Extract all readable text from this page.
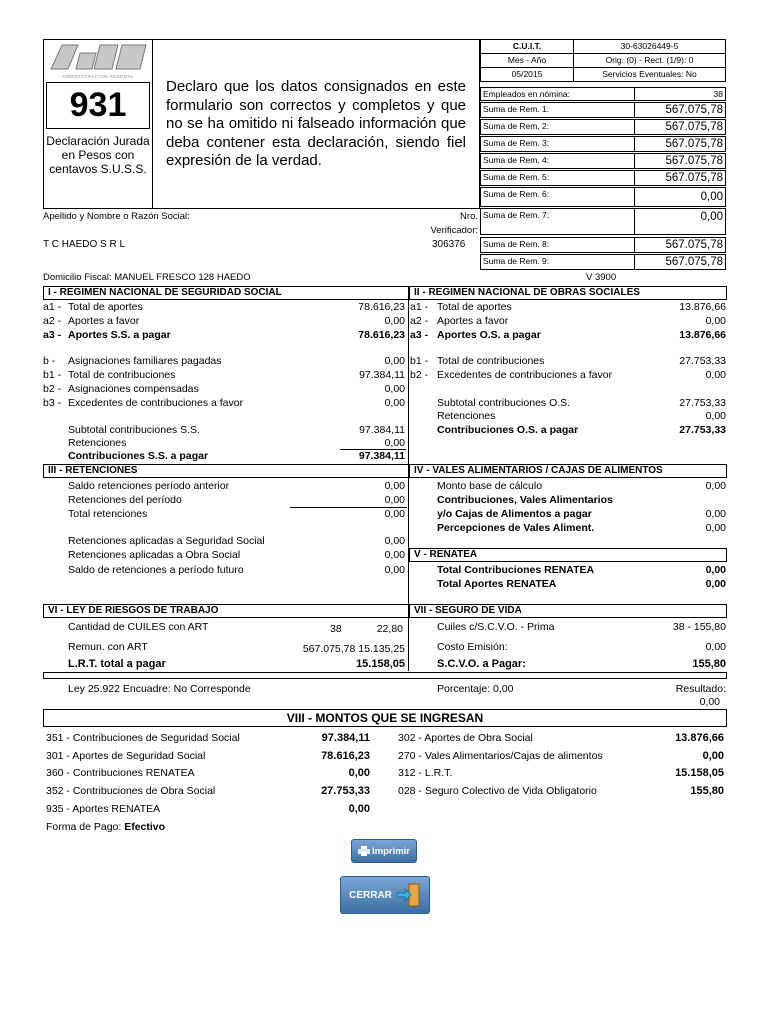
ADMINISTRACION FEDERAL
931
Declaración Jurada en Pesos con centavos S.U.S.S.
Declaro que los datos consignados en este formulario son correctos y completos y que no se ha omitido ni falseado información que deba contener esta declaración, siendo fiel expresión de la verdad.
C.U.I.T.	30-63026449-5
Mes - Año	Orig. (0) - Rect. (1/9): 0
05/2015	Servicios Eventuales: No
Empleados en nómina:	38
Suma de Rem. 1:	567.075,78
Suma de Rem. 2:	567.075,78
Suma de Rem. 3:	567.075,78
Suma de Rem. 4:	567.075,78
Suma de Rem. 5:	567.075,78
Suma de Rem. 6:	0,00
Suma de Rem. 7:	0,00
Suma de Rem. 8:	567.075,78
Suma de Rem. 9:	567.075,78
V 3900
Apellido y Nombre o Razón Social:
T C HAEDO S R L
Nro. Verificador:
306376
Domicilio Fiscal: MANUEL FRESCO 128 HAEDO
I - REGIMEN NACIONAL DE SEGURIDAD SOCIAL
a1 - Total de aportes	78.616,23
a2 - Aportes a favor	0,00
a3 - Aportes S.S. a pagar	78.616,23
b - Asignaciones familiares pagadas	0,00
b1 - Total de contribuciones	97.384,11
b2 - Asignaciones compensadas	0,00
b3 - Excedentes de contribuciones a favor	0,00
Subtotal contribuciones S.S.	97.384,11
Retenciones	0,00
Contribuciones S.S. a pagar	97.384,11
II - REGIMEN NACIONAL DE OBRAS SOCIALES
a1 - Total de aportes	13.876,66
a2 - Aportes a favor	0,00
a3 - Aportes O.S. a pagar	13.876,66
b1 - Total de contribuciones	27.753,33
b2 - Excedentes de contribuciones a favor	0,00
Subtotal contribuciones O.S.	27.753,33
Retenciones	0,00
Contribuciones O.S. a pagar	27.753,33
III - RETENCIONES
Saldo retenciones período anterior	0,00
Retenciones del período	0,00
Total retenciones	0,00
Retenciones aplicadas a Seguridad Social	0,00
Retenciones aplicadas a Obra Social	0,00
Saldo de retenciones a período futuro	0,00
IV - VALES ALIMENTARIOS / CAJAS DE ALIMENTOS
Monto base de cálculo	0,00
Contribuciones, Vales Alimentarios
y/o Cajas de Alimentos a pagar	0,00
Percepciones de Vales Aliment.	0,00
V - RENATEA
Total Contribuciones RENATEA	0,00
Total Aportes RENATEA	0,00
VI - LEY DE RIESGOS DE TRABAJO
Cantidad de CUILES con ART	38	22,80
Remun. con ART	567.075,78 15.135,25
L.R.T. total a pagar	15.158,05
VII - SEGURO DE VIDA
Cuiles c/S.C.V.O. - Prima	38 - 155,80
Costo Emisión:	0,00
S.C.V.O. a Pagar:	155,80
Ley 25.922 Encuadre: No Corresponde	Porcentaje: 0,00	Resultado:
0,00
VIII - MONTOS QUE SE INGRESAN
351 - Contribuciones de Seguridad Social	97.384,11
301 - Aportes de Seguridad Social	78.616,23
360 - Contribuciones RENATEA	0,00
352 - Contribuciones de Obra Social	27.753,33
935 - Aportes RENATEA	0,00
302 - Aportes de Obra Social	13.876,66
270 - Vales Alimentarios/Cajas de alimentos	0,00
312 - L.R.T.	15.158,05
028 - Seguro Colectivo de Vida Obligatorio	155,80
Forma de Pago: Efectivo
Imprimir
CERRAR
